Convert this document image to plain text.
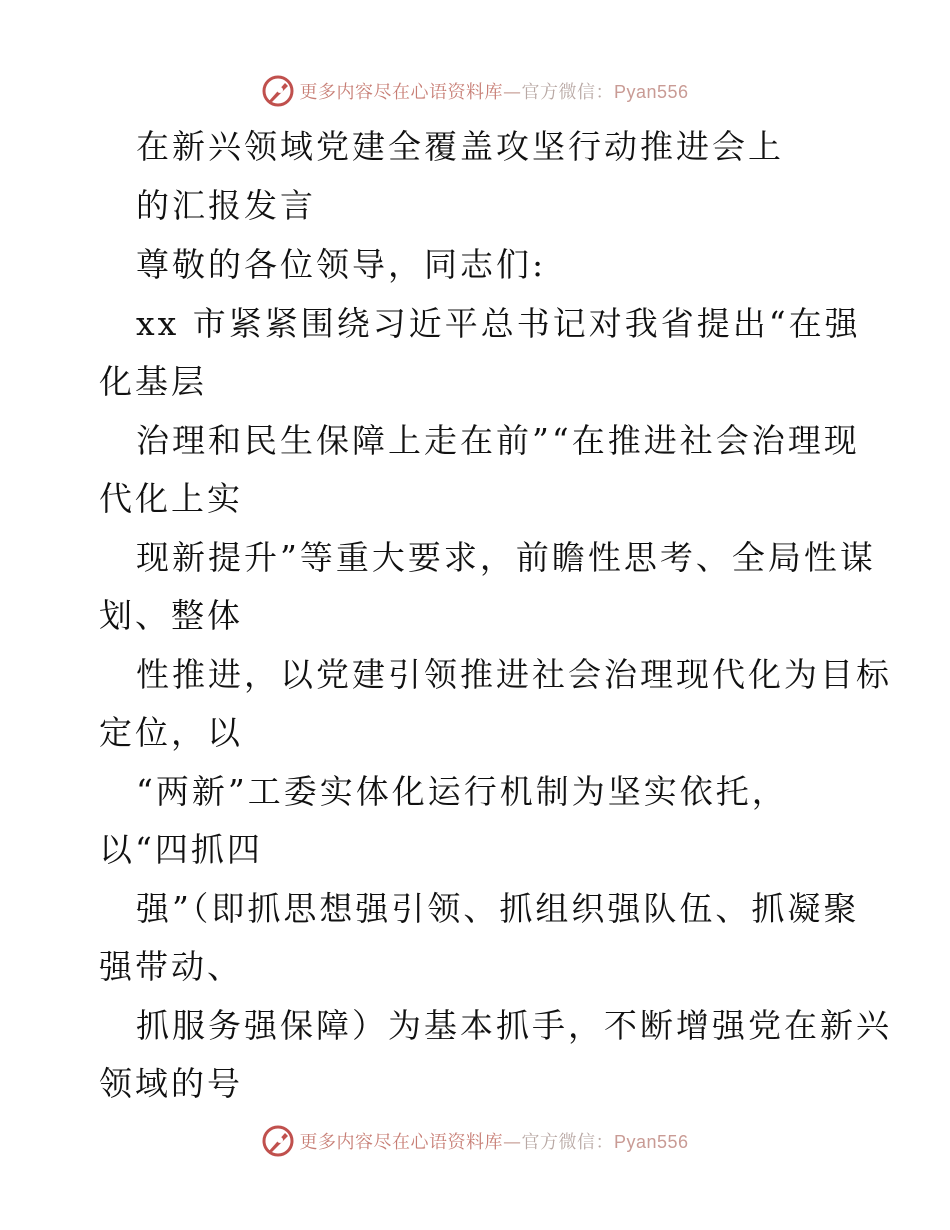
更多内容尽在心语资料库—官方微信：Pyan556
在新兴领域党建全覆盖攻坚行动推进会上
的汇报发言
尊敬的各位领导，同志们:
xx 市紧紧围绕习近平总书记对我省提出“在强
化基层
治理和民生保障上走在前”“在推进社会治理现
代化上实
现新提升”等重大要求，前瞻性思考、全局性谋
划、整体
性推进，以党建引领推进社会治理现代化为目标
定位，以
“两新”工委实体化运行机制为坚实依托，
以“四抓四
强”（即抓思想强引领、抓组织强队伍、抓凝聚
强带动、
抓服务强保障）为基本抓手，不断增强党在新兴
领域的号
更多内容尽在心语资料库—官方微信：Pyan556
